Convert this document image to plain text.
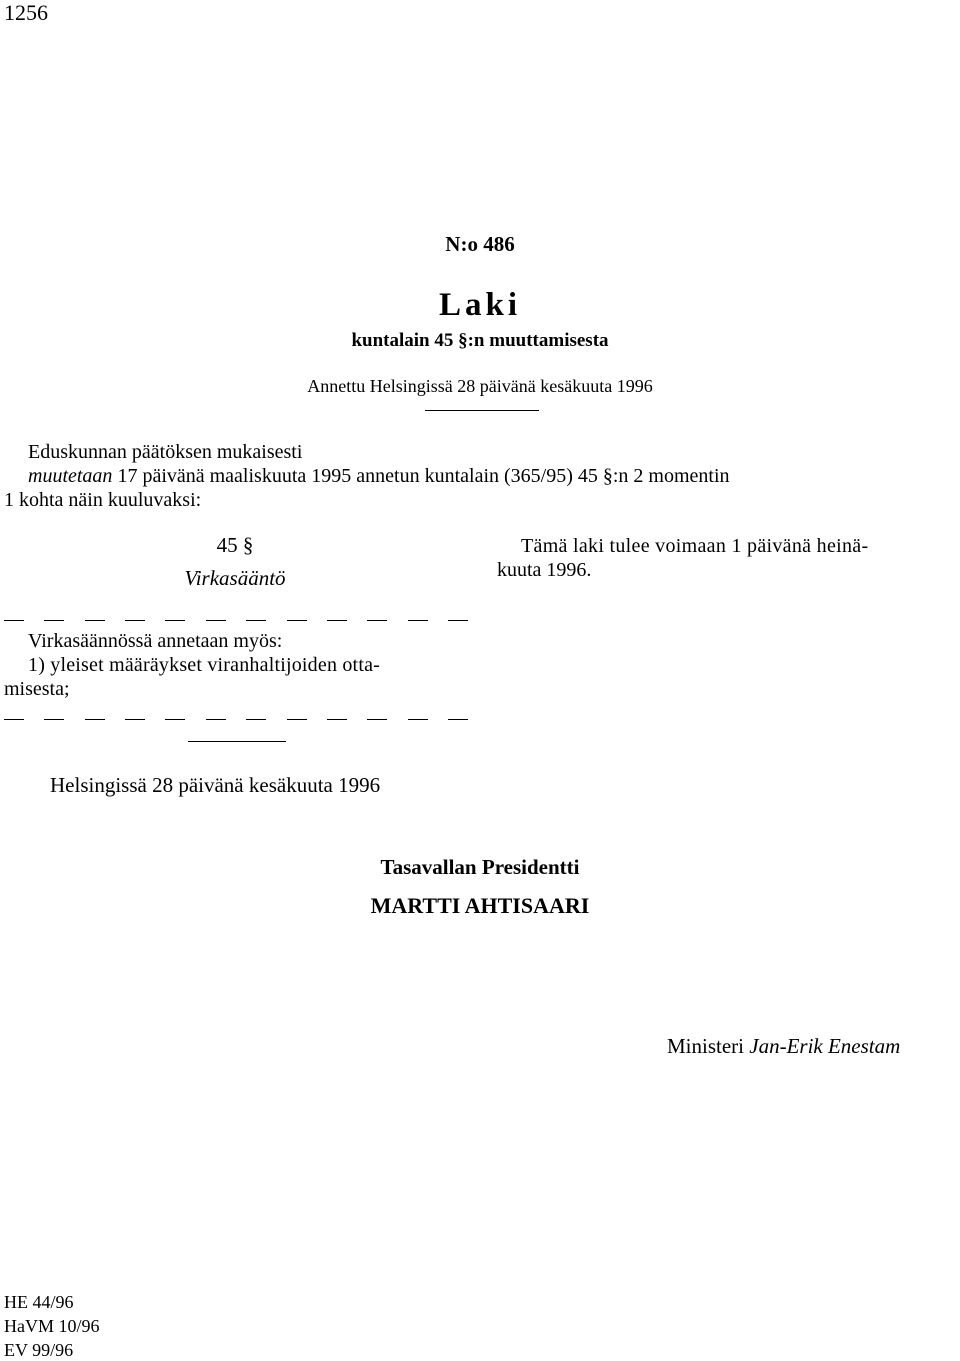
1256
N:o 486
Laki
kuntalain 45 §:n muuttamisesta
Annettu Helsingissä 28 päivänä kesäkuuta 1996
Eduskunnan päätöksen mukaisesti
muutetaan 17 päivänä maaliskuuta 1995 annetun kuntalain (365/95) 45 §:n 2 momentin
1 kohta näin kuuluvaksi:
45 §
Virkasääntö
Virkasäännössä annetaan myös:
1) yleiset määräykset viranhaltijoiden otta-
misesta;
Tämä laki tulee voimaan 1 päivänä heinä-
kuuta 1996.
Helsingissä 28 päivänä kesäkuuta 1996
Tasavallan Presidentti
MARTTI AHTISAARI
Ministeri Jan-Erik Enestam
HE 44/96
HaVM 10/96
EV 99/96
